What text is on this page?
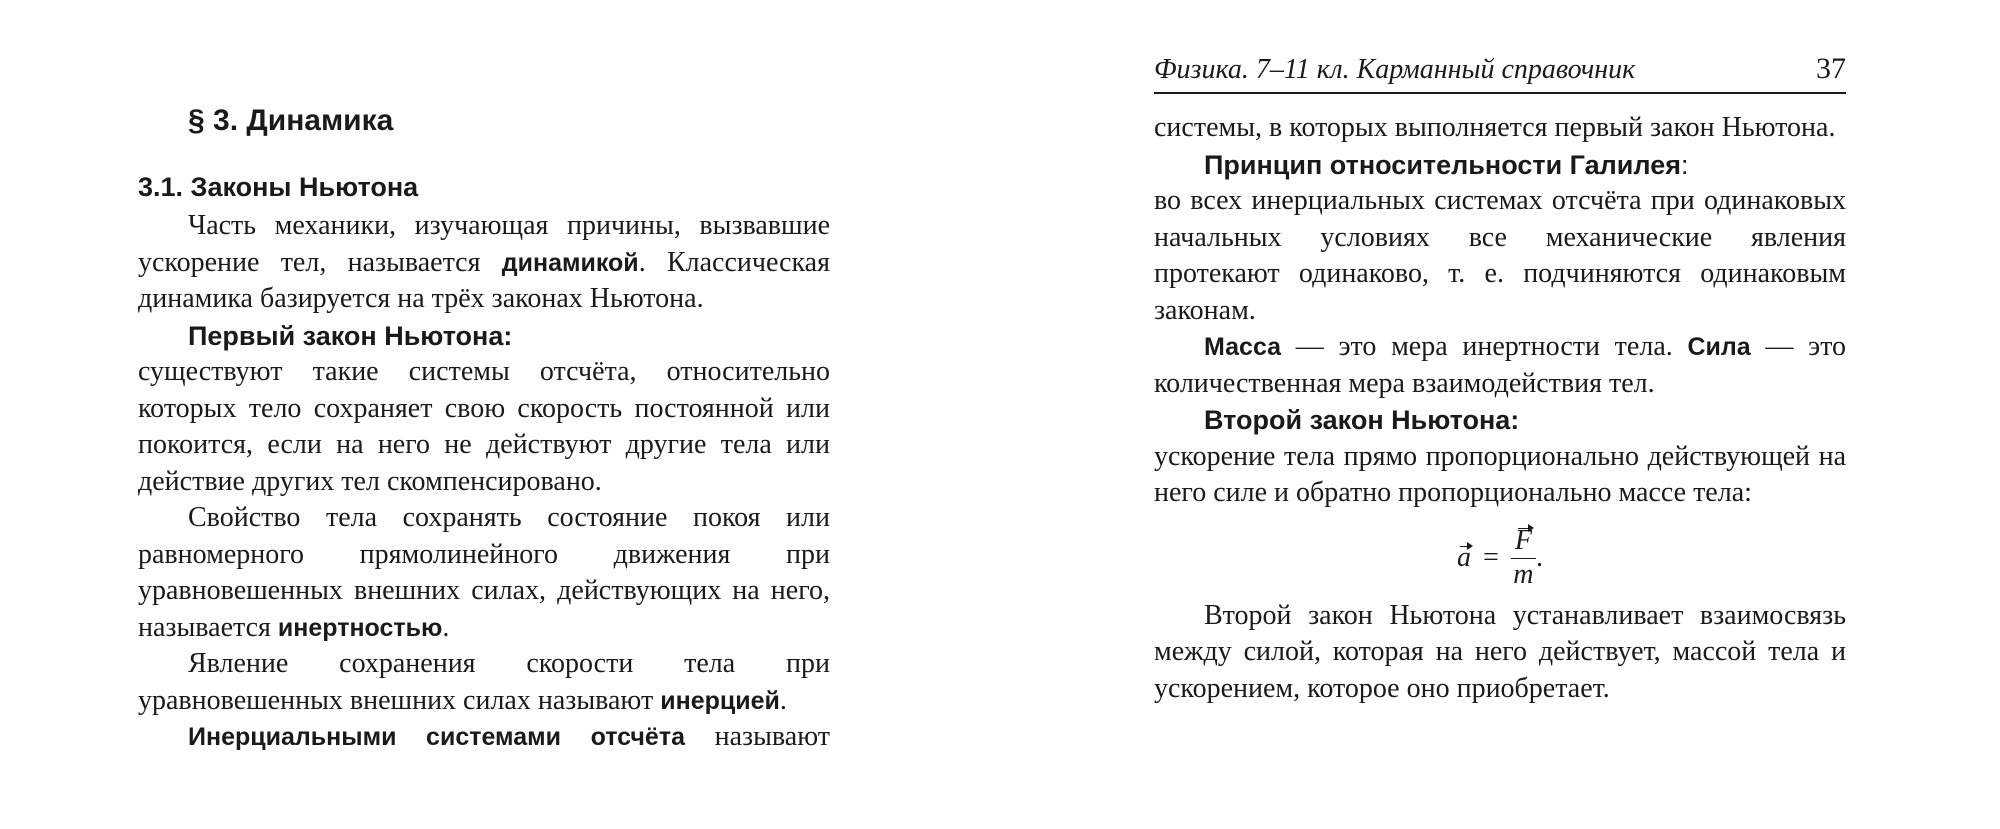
§ 3. Динамика
3.1. Законы Ньютона

Часть механики, изучающая причины, вызвавшие ускорение тел, называется динамикой. Классическая динамика базируется на трёх законах Ньютона.

Первый закон Ньютона:

существуют такие системы отсчёта, относительно которых тело сохраняет свою скорость постоянной или покоится, если на него не действуют другие тела или действие других тел скомпенсировано.

Свойство тела сохранять состояние покоя или равномерного прямолинейного движения при уравновешенных внешних силах, действующих на него, называется инертностью.

Явление сохранения скорости тела при уравновешенных внешних силах называют инерцией.

Инерциальными системами отсчёта называют

Физика. 7–11 кл. Карманный справочник	37

системы, в которых выполняется первый закон Ньютона.

Принцип относительности Галилея:

во всех инерциальных системах отсчёта при одинаковых начальных условиях все механические явления протекают одинаково, т. е. подчиняются одинаковым законам.

Масса — это мера инертности тела. Сила — это количественная мера взаимодействия тел.

Второй закон Ньютона:

ускорение тела прямо пропорционально действующей на него силе и обратно пропорционально массе тела:

$a = \frac{F}{m}$ .

Второй закон Ньютона устанавливает взаимосвязь между силой, которая на него действует, массой тела и ускорением, которое оно приобретает.
